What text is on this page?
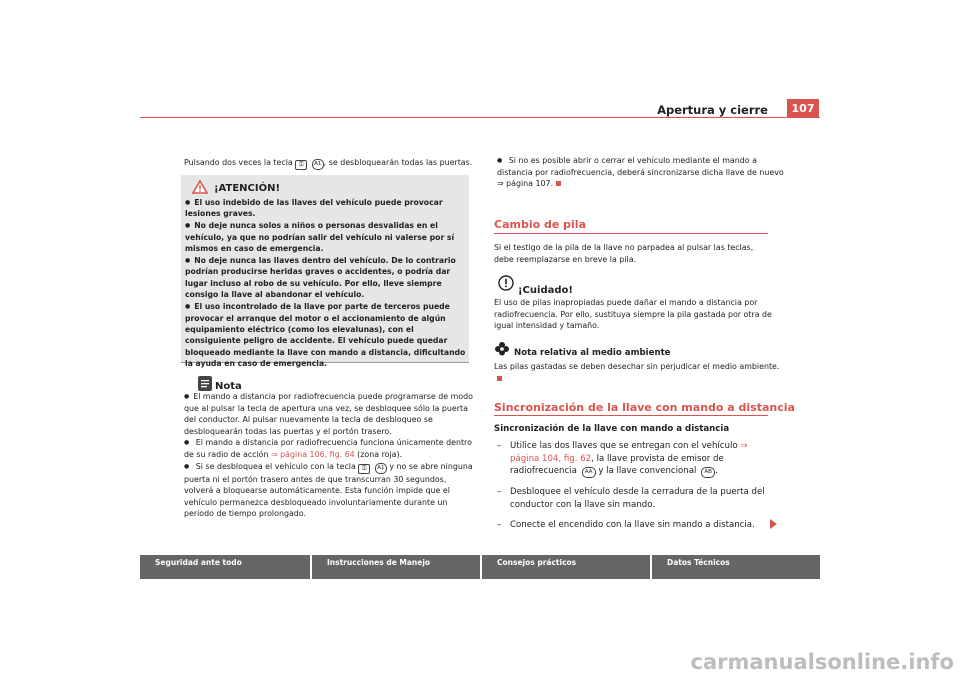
Apertura y cierre	107
Pulsando dos veces la tecla ⚿ A1 , se desbloquearán todas las puertas.
¡ATENCIÓN!

● El uso indebido de las llaves del vehículo puede provocar lesiones graves.

● No deje nunca solos a niños o personas desvalidas en el vehículo, ya que no podrían salir del vehículo ni valerse por sí mismos en caso de emergencia.

● No deje nunca las llaves dentro del vehículo. De lo contrario podrían producirse heridas graves o accidentes, o podría dar lugar incluso al robo de su vehículo. Por ello, lleve siempre consigo la llave al abandonar el vehículo.

● El uso incontrolado de la llave por parte de terceros puede provocar el arranque del motor o el accionamiento de algún equipamiento eléctrico (como los elevalunas), con el consiguiente peligro de accidente. El vehículo puede quedar bloqueado mediante la llave con mando a distancia, dificultando la ayuda en caso de emergencia.

Nota

● El mando a distancia por radiofrecuencia puede programarse de modo que al pulsar la tecla de apertura una vez, se desbloquee sólo la puerta del conductor. Al pulsar nuevamente la tecla de desbloqueo se desbloquearán todas las puertas y el portón trasero.

● El mando a distancia por radiofrecuencia funciona únicamente dentro de su radio de acción ⇒ página 106, fig. 64 (zona roja).

● Si se desbloquea el vehículo con la tecla ⚿ A1 y no se abre ninguna puerta ni el portón trasero antes de que transcurran 30 segundos, volverá a bloquearse automáticamente. Esta función impide que el vehículo permanezca desbloqueado involuntariamente durante un periodo de tiempo prolongado.

● Si no es posible abrir o cerrar el vehículo mediante el mando a distancia por radiofrecuencia, deberá sincronizarse dicha llave de nuevo ⇒ página 107.

Cambio de pila
Si el testigo de la pila de la llave no parpadea al pulsar las teclas, debe reemplazarse en breve la pila.
¡Cuidado!
El uso de pilas inapropiadas puede dañar el mando a distancia por radiofrecuencia. Por ello, sustituya siempre la pila gastada por otra de igual intensidad y tamaño.
Nota relativa al medio ambiente
Las pilas gastadas se deben desechar sin perjudicar el medio ambiente.
Sincronización de la llave con mando a distancia
Sincronización de la llave con mando a distancia
–	Utilice las dos llaves que se entregan con el vehículo ⇒ página 104, fig. 62, la llave provista de emisor de radiofrecuencia AA y la llave convencional AB .
–	Desbloquee el vehículo desde la cerradura de la puerta del conductor con la llave sin mando.
–	Conecte el encendido con la llave sin mando a distancia.
Seguridad ante todo	Instrucciones de Manejo	Consejos prácticos	Datos Técnicos
carmanualsonline.info
